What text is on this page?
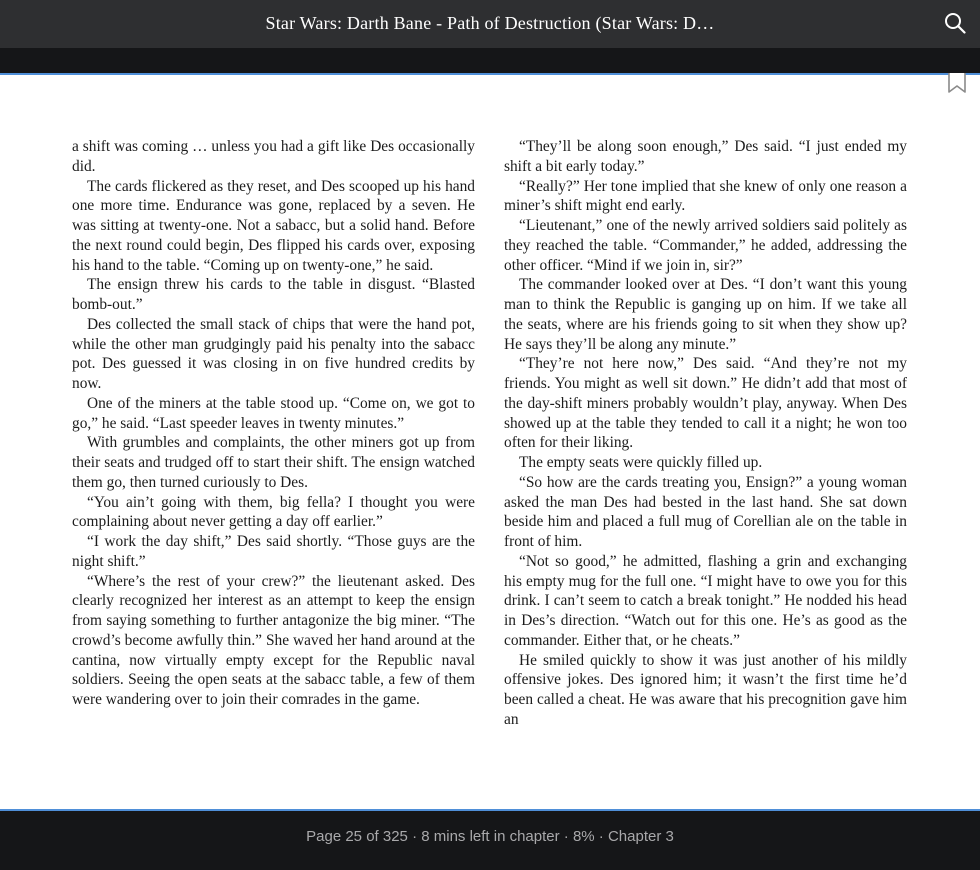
Star Wars: Darth Bane - Path of Destruction (Star Wars: D…

a shift was coming … unless you had a gift like Des occasionally did.

The cards flickered as they reset, and Des scooped up his hand one more time. Endurance was gone, replaced by a seven. He was sitting at twenty-one. Not a sabacc, but a solid hand. Before the next round could begin, Des flipped his cards over, exposing his hand to the table. “Coming up on twenty-one,” he said.

The ensign threw his cards to the table in disgust. “Blasted bomb-out.”

Des collected the small stack of chips that were the hand pot, while the other man grudgingly paid his penalty into the sabacc pot. Des guessed it was closing in on five hundred credits by now.

One of the miners at the table stood up. “Come on, we got to go,” he said. “Last speeder leaves in twenty minutes.”

With grumbles and complaints, the other miners got up from their seats and trudged off to start their shift. The ensign watched them go, then turned curiously to Des.

“You ain’t going with them, big fella? I thought you were complaining about never getting a day off earlier.”

“I work the day shift,” Des said shortly. “Those guys are the night shift.”

“Where’s the rest of your crew?” the lieutenant asked. Des clearly recognized her interest as an attempt to keep the ensign from saying something to further antagonize the big miner. “The crowd’s become awfully thin.” She waved her hand around at the cantina, now virtually empty except for the Republic naval soldiers. Seeing the open seats at the sabacc table, a few of them were wandering over to join their comrades in the game.

“They’ll be along soon enough,” Des said. “I just ended my shift a bit early today.”

“Really?” Her tone implied that she knew of only one reason a miner’s shift might end early.

“Lieutenant,” one of the newly arrived soldiers said politely as they reached the table. “Commander,” he added, addressing the other officer. “Mind if we join in, sir?”

The commander looked over at Des. “I don’t want this young man to think the Republic is ganging up on him. If we take all the seats, where are his friends going to sit when they show up? He says they’ll be along any minute.”

“They’re not here now,” Des said. “And they’re not my friends. You might as well sit down.” He didn’t add that most of the day-shift miners probably wouldn’t play, anyway. When Des showed up at the table they tended to call it a night; he won too often for their liking.

The empty seats were quickly filled up.

“So how are the cards treating you, Ensign?” a young woman asked the man Des had bested in the last hand. She sat down beside him and placed a full mug of Corellian ale on the table in front of him.

“Not so good,” he admitted, flashing a grin and exchanging his empty mug for the full one. “I might have to owe you for this drink. I can’t seem to catch a break tonight.” He nodded his head in Des’s direction. “Watch out for this one. He’s as good as the commander. Either that, or he cheats.”

He smiled quickly to show it was just another of his mildly offensive jokes. Des ignored him; it wasn’t the first time he’d been called a cheat. He was aware that his precognition gave him an

Page 25 of 325 · 8 mins left in chapter · 8% · Chapter 3
